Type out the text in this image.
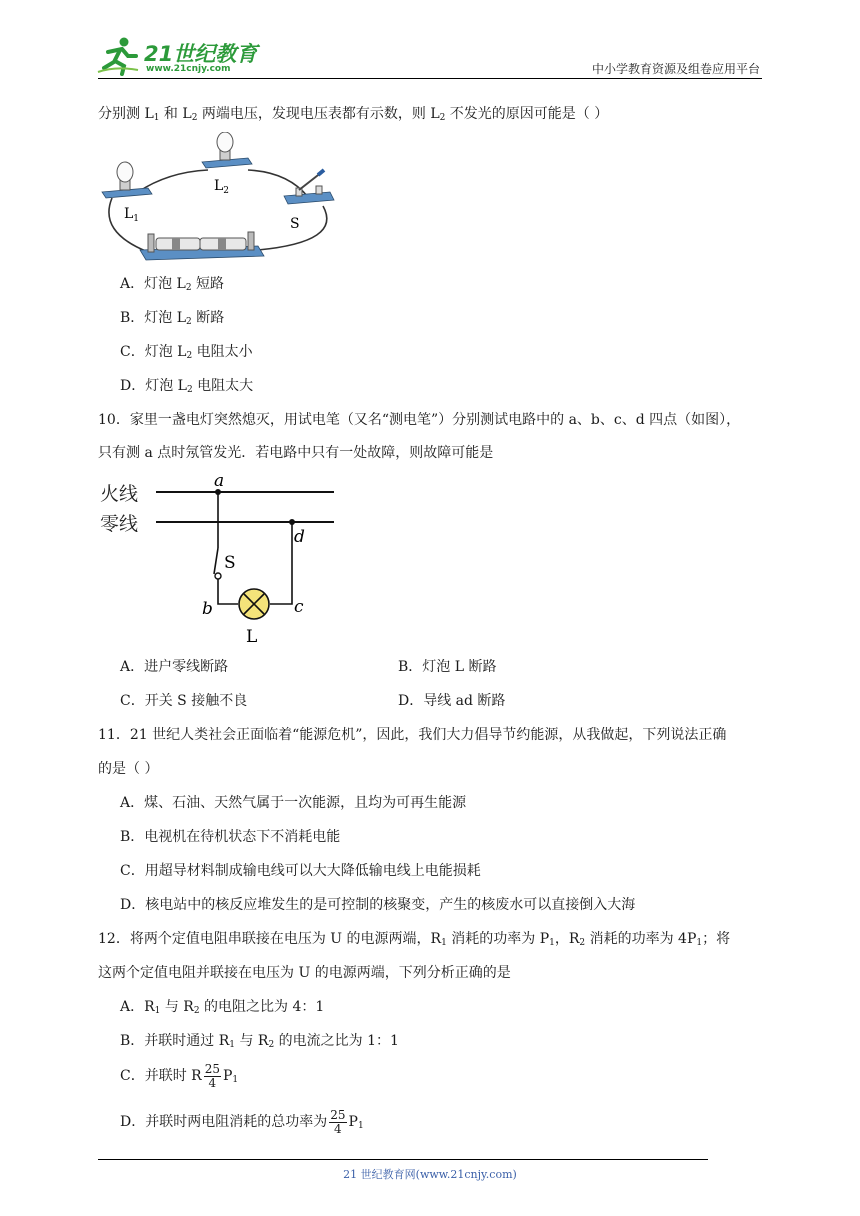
21世纪教育
www.21cnjy.com	中小学教育资源及组卷应用平台
分别测 $L_1$ 和 $L_2$ 两端电压，发现电压表都有示数，则 $L_2$ 不发光的原因可能是（ ）
$L_1$
$L_2$
S
A．灯泡 $L_2$ 短路
B．灯泡 $L_2$ 断路
C．灯泡 $L_2$ 电阻太小
D．灯泡 $L_2$ 电阻太大
10．家里一盏电灯突然熄灭，用试电笔（又名“测电笔”）分别测试电路中的 a、b、c、d 四点（如图），
只有测 a 点时氖管发光．若电路中只有一处故障，则故障可能是
火线
零线
a
d
S
b	c
L
A．进户零线断路	B．灯泡 L 断路
C．开关 S 接触不良	D．导线 ad 断路
11．21 世纪人类社会正面临着“能源危机”，因此，我们大力倡导节约能源，从我做起，下列说法正确
的是（ ）
A．煤、石油、天然气属于一次能源，且均为可再生能源
B．电视机在待机状态下不消耗电能
C．用超导材料制成输电线可以大大降低输电线上电能损耗
D．核电站中的核反应堆发生的是可控制的核聚变，产生的核废水可以直接倒入大海
12．将两个定值电阻串联接在电压为 U 的电源两端，$R_1$ 消耗的功率为 $P_1$，$R_2$ 消耗的功率为 $4P_1$；将
这两个定值电阻并联接在电压为 U 的电源两端，下列分析正确的是
A．$R_1$ 与 $R_2$ 的电阻之比为 4：1
B．并联时通过 $R_1$ 与 $R_2$ 的电流之比为 1：1
C．并联时 R $\frac{25}{4} P_1$
D．并联时两电阻消耗的总功率为 $\frac{25}{4} P_1$
21 世纪教育网(www.21cnjy.com)
